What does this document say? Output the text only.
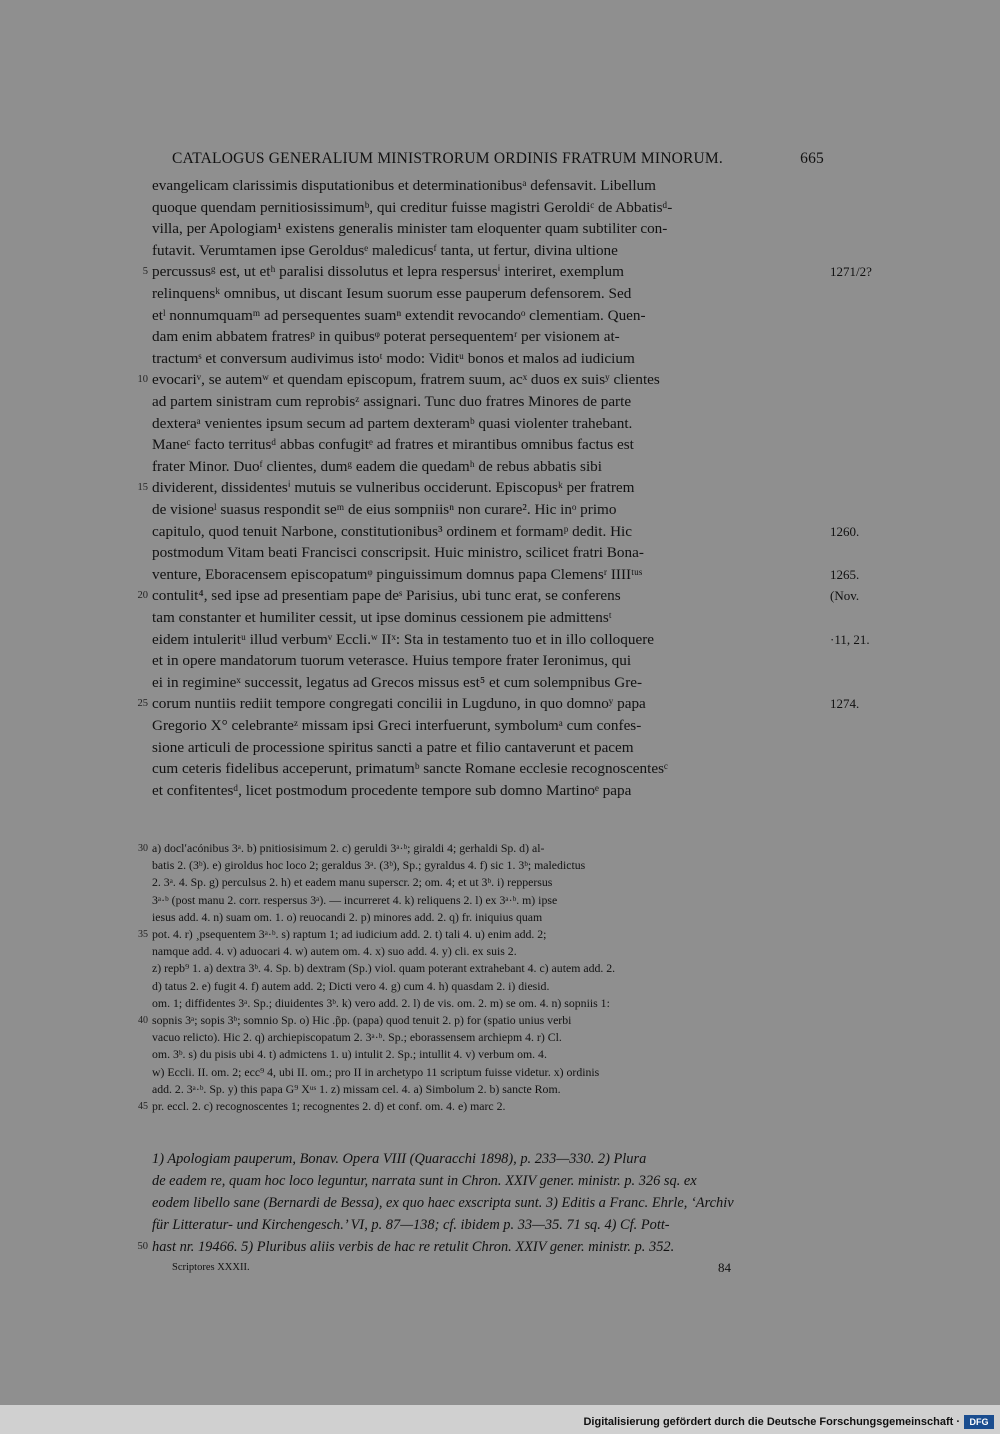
CATALOGUS GENERALIUM MINISTRORUM ORDINIS FRATRUM MINORUM.	665
evangelicam clarissimis disputationibus et determinationibusᵃ defensavit. Libellum
quoque quendam pernitiosissimumᵇ, qui creditur fuisse magistri Geroldiᶜ de Abbatisᵈ-
villa, per Apologiam¹ existens generalis minister tam eloquenter quam subtiliter con-
futavit. Verumtamen ipse Geroldusᵉ maledicusᶠ tanta, ut fertur, divina ultione
percussusᵍ est, ut etʰ paralisi dissolutus et lepra respersusⁱ interiret, exemplum
5	1271/2?
relinquensᵏ omnibus, ut discant Iesum suorum esse pauperum defensorem. Sed
etˡ nonnumquamᵐ ad persequentes suamⁿ extendit revocandoᵒ clementiam. Quen-
dam enim abbatem fratresᵖ in quibusᵠ poterat persequentemʳ per visionem at-
tractumˢ et conversum audivimus istoᵗ modo: Viditᵘ bonos et malos ad iudicium
evocariᵛ, se autemʷ et quendam episcopum, fratrem suum, acˣ duos ex suisʸ clientes
10
ad partem sinistram cum reprobisᶻ assignari. Tunc duo fratres Minores de parte
dexteraᵃ venientes ipsum secum ad partem dexteramᵇ quasi violenter trahebant.
Maneᶜ facto territusᵈ abbas confugitᵉ ad fratres et mirantibus omnibus factus est
frater Minor. Duoᶠ clientes, dumᵍ eadem die quedamʰ de rebus abbatis sibi
dividerent, dissidentesⁱ mutuis se vulneribus occiderunt. Episcopusᵏ per fratrem
15
de visioneˡ suasus respondit seᵐ de eius sompniisⁿ non curare². Hic inᵒ primo
capitulo, quod tenuit Narbone, constitutionibus³ ordinem et formamᵖ dedit. Hic	1260.
postmodum Vitam beati Francisci conscripsit. Huic ministro, scilicet fratri Bona-
venture, Eboracensem episcopatumᵠ pinguissimum domnus papa Clemensʳ IIIIᵗᵘˢ	1265.
contulit⁴, sed ipse ad presentiam pape deˢ Parisius, ubi tunc erat, se conferens
20	(Nov.
tam constanter et humiliter cessit, ut ipse dominus cessionem pie admittensᵗ
eidem intuleritᵘ illud verbumᵛ Eccli.ʷ IIˣ: Sta in testamento tuo et in illo colloquere	·11, 21.
et in opere mandatorum tuorum veterasce. Huius tempore frater Ieronimus, qui
ei in regimineˣ successit, legatus ad Grecos missus est⁵ et cum solempnibus Gre-
corum nuntiis rediit tempore congregati concilii in Lugduno, in quo domnoʸ papa
25	1274.
Gregorio X° celebranteᶻ missam ipsi Greci interfuerunt, symbolumᵃ cum confes-
sione articuli de processione spiritus sancti a patre et filio cantaverunt et pacem
cum ceteris fidelibus acceperunt, primatumᵇ sancte Romane ecclesie recognoscentesᶜ
et confitentesᵈ, licet postmodum procedente tempore sub domno Martinoᵉ papa
a) doclʹacónibus 3ᵃ. b) pnitiosisimum 2. c) geruldi 3ᵃ·ᵇ; giraldi 4; gerhaldi Sp. d) al-
30
batis 2. (3ᵇ). e) giroldus hoc loco 2; geraldus 3ᵃ. (3ᵇ), Sp.; gyraldus 4. f) sic 1. 3ᵇ; maledictus
2. 3ᵃ. 4. Sp. g) perculsus 2. h) et eadem manu superscr. 2; om. 4; et ut 3ᵇ. i) reppersus
3ᵃ·ᵇ (post manu 2. corr. respersus 3ᵃ). — incurreret 4. k) reliquens 2. l) ex 3ᵃ·ᵇ. m) ipse
iesus add. 4. n) suam om. 1. o) reuocandi 2. p) minores add. 2. q) fr. iniquius quam
pot. 4. r) ¸psequentem 3ᵃ·ᵇ. s) raptum 1; ad iudicium add. 2. t) tali 4. u) enim add. 2;
35
namque add. 4. v) aduocari 4. w) autem om. 4. x) suo add. 4. y) cli. ex suis 2.
z) repb⁹ 1. a) dextra 3ᵇ. 4. Sp. b) dextram (Sp.) viol. quam poterant extrahebant 4. c) autem add. 2.
d) tatus 2. e) fugit 4. f) autem add. 2; Dicti vero 4. g) cum 4. h) quasdam 2. i) diesid.
om. 1; diffidentes 3ᵃ. Sp.; diuidentes 3ᵇ. k) vero add. 2. l) de vis. om. 2. m) se om. 4. n) sopniis 1:
sopnis 3ᵃ; sopis 3ᵇ; somnio Sp. o) Hic .p̃p. (papa) quod tenuit 2. p) for (spatio unius verbi
40
vacuo relicto). Hic 2. q) archiepiscopatum 2. 3ᵃ·ᵇ. Sp.; eborassensem archiepm 4. r) Cl.
om. 3ᵇ. s) du pisis ubi 4. t) admictens 1. u) intulit 2. Sp.; intullit 4. v) verbum om. 4.
w) Eccli. II. om. 2; ecc⁹ 4, ubi II. om.; pro II in archetypo 11 scriptum fuisse videtur. x) ordinis
add. 2. 3ᵃ·ᵇ. Sp. y) this papa G⁹ Xᵘˢ 1. z) missam cel. 4. a) Simbolum 2. b) sancte Rom.
pr. eccl. 2. c) recognoscentes 1; recognentes 2. d) et conf. om. 4. e) marc 2.
45
1) Apologiam pauperum, Bonav. Opera VIII (Quaracchi 1898), p. 233—330. 2) Plura
de eadem re, quam hoc loco leguntur, narrata sunt in Chron. XXIV gener. ministr. p. 326 sq. ex
eodem libello sane (Bernardi de Bessa), ex quo haec exscripta sunt. 3) Editis a Franc. Ehrle, ‘Archiv
für Litteratur- und Kirchengesch.’ VI, p. 87—138; cf. ibidem p. 33—35. 71 sq. 4) Cf. Pott-
hast nr. 19466. 5) Pluribus aliis verbis de hac re retulit Chron. XXIV gener. ministr. p. 352.
50
Scriptores XXXII.	84
Digitalisierung gefördert durch die Deutsche Forschungsgemeinschaft ·	DFG
